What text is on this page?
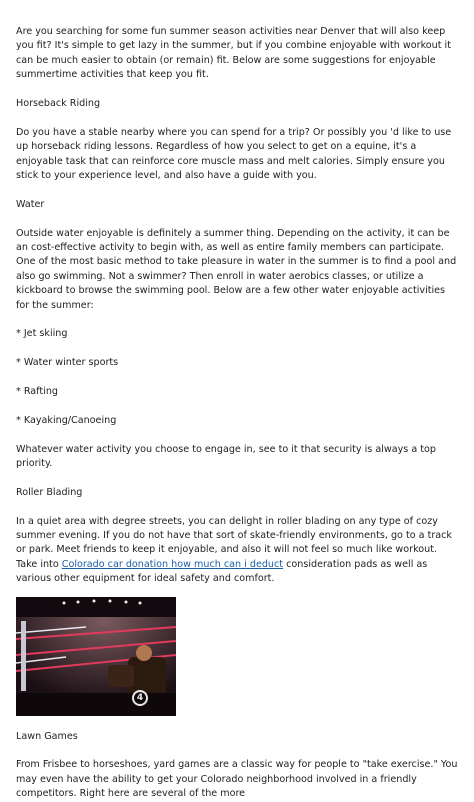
Are you searching for some fun summer season activities near Denver that will also keep you fit? It's simple to get lazy in the summer, but if you combine enjoyable with workout it can be much easier to obtain (or remain) fit. Below are some suggestions for enjoyable summertime activities that keep you fit.

Horseback Riding

Do you have a stable nearby where you can spend for a trip? Or possibly you 'd like to use up horseback riding lessons. Regardless of how you select to get on a equine, it's a enjoyable task that can reinforce core muscle mass and melt calories. Simply ensure you stick to your experience level, and also have a guide with you.

Water

Outside water enjoyable is definitely a summer thing. Depending on the activity, it can be an cost-effective activity to begin with, as well as entire family members can participate. One of the most basic method to take pleasure in water in the summer is to find a pool and also go swimming. Not a swimmer? Then enroll in water aerobics classes, or utilize a kickboard to browse the swimming pool. Below are a few other water enjoyable activities for the summer:

* Jet skiing

* Water winter sports

* Rafting

* Kayaking/Canoeing

Whatever water activity you choose to engage in, see to it that security is always a top priority.

Roller Blading

In a quiet area with degree streets, you can delight in roller blading on any type of cozy summer evening. If you do not have that sort of skate-friendly environments, go to a track or park. Meet friends to keep it enjoyable, and also it will not feel so much like workout. Take into Colorado car donation how much can i deduct consideration pads as well as various other equipment for ideal safety and comfort.

4

Lawn Games

From Frisbee to horseshoes, yard games are a classic way for people to "take exercise." You may even have the ability to get your Colorado neighborhood involved in a friendly competitors. Right here are several of the more
